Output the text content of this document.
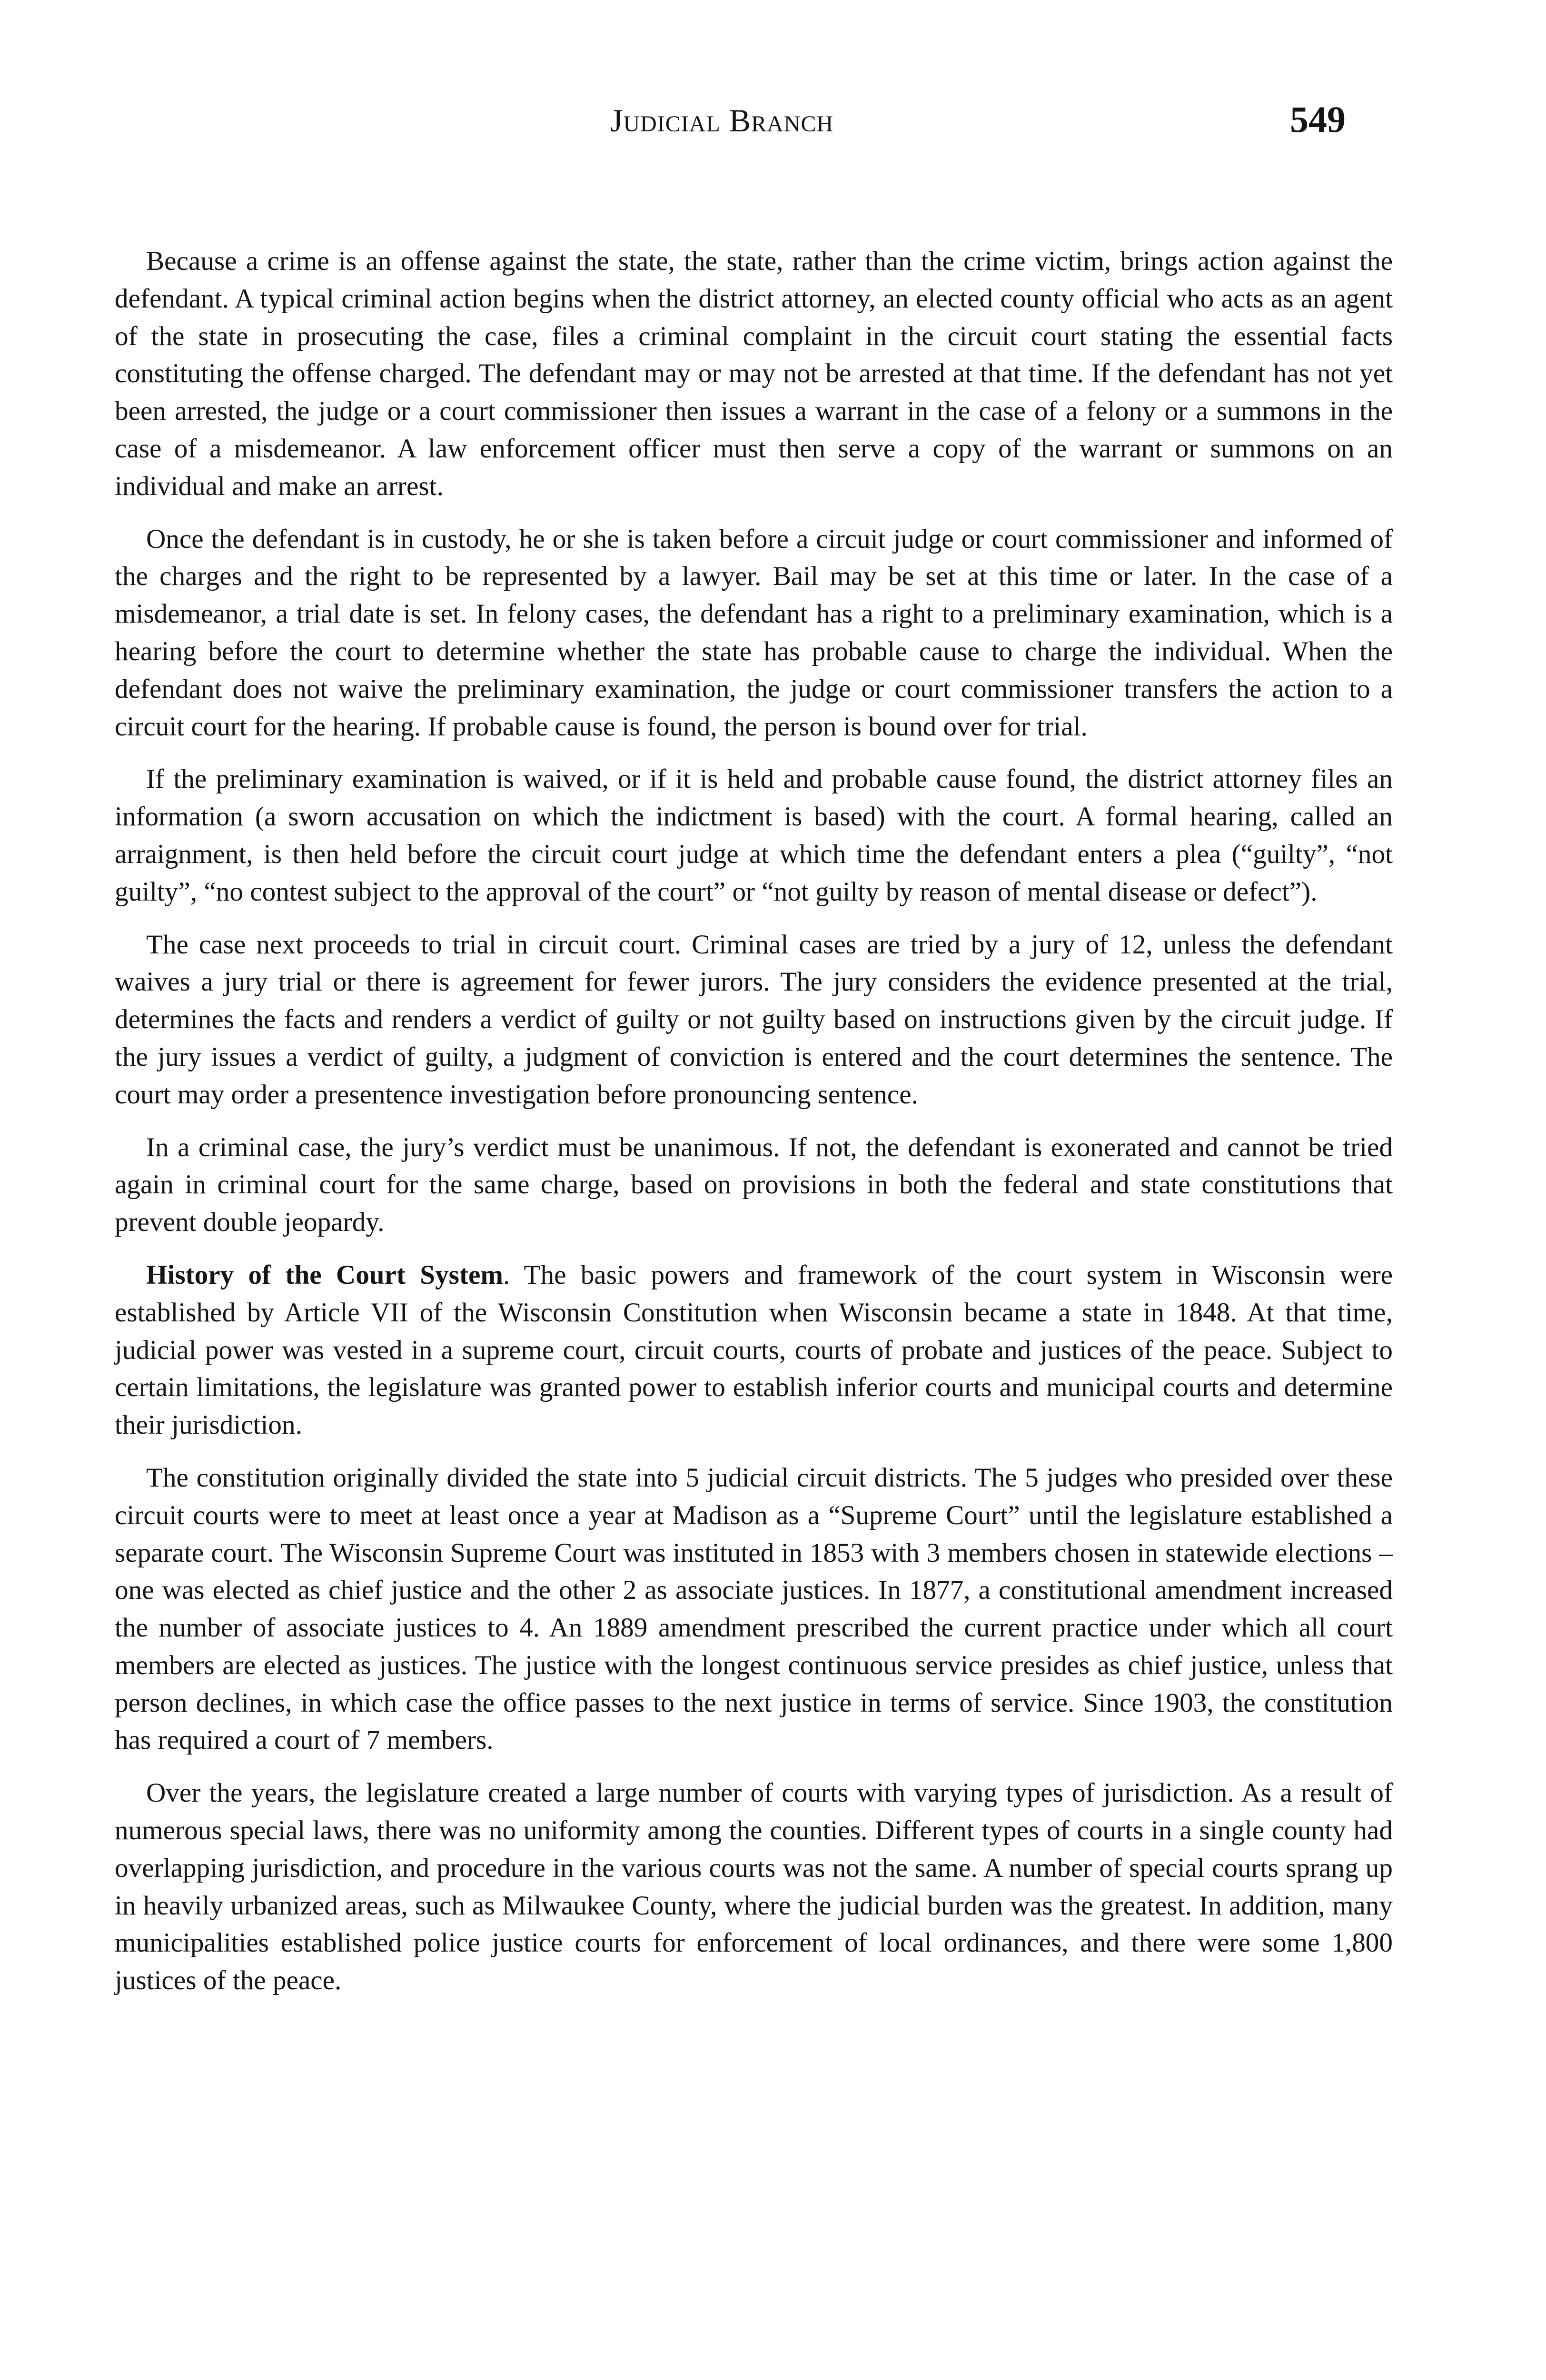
Judicial Branch	549

Because a crime is an offense against the state, the state, rather than the crime victim, brings action against the defendant. A typical criminal action begins when the district attorney, an elected county official who acts as an agent of the state in prosecuting the case, files a criminal complaint in the circuit court stating the essential facts constituting the offense charged. The defendant may or may not be arrested at that time. If the defendant has not yet been arrested, the judge or a court commissioner then issues a warrant in the case of a felony or a summons in the case of a misdemeanor. A law enforcement officer must then serve a copy of the warrant or summons on an individual and make an arrest.

Once the defendant is in custody, he or she is taken before a circuit judge or court commissioner and informed of the charges and the right to be represented by a lawyer. Bail may be set at this time or later. In the case of a misdemeanor, a trial date is set. In felony cases, the defendant has a right to a preliminary examination, which is a hearing before the court to determine whether the state has probable cause to charge the individual. When the defendant does not waive the preliminary examination, the judge or court commissioner transfers the action to a circuit court for the hearing. If probable cause is found, the person is bound over for trial.

If the preliminary examination is waived, or if it is held and probable cause found, the district attorney files an information (a sworn accusation on which the indictment is based) with the court. A formal hearing, called an arraignment, is then held before the circuit court judge at which time the defendant enters a plea (“guilty”, “not guilty”, “no contest subject to the approval of the court” or “not guilty by reason of mental disease or defect”).

The case next proceeds to trial in circuit court. Criminal cases are tried by a jury of 12, unless the defendant waives a jury trial or there is agreement for fewer jurors. The jury considers the evidence presented at the trial, determines the facts and renders a verdict of guilty or not guilty based on instructions given by the circuit judge. If the jury issues a verdict of guilty, a judgment of conviction is entered and the court determines the sentence. The court may order a presentence investigation before pronouncing sentence.

In a criminal case, the jury’s verdict must be unanimous. If not, the defendant is exonerated and cannot be tried again in criminal court for the same charge, based on provisions in both the federal and state constitutions that prevent double jeopardy.

History of the Court System. The basic powers and framework of the court system in Wisconsin were established by Article VII of the Wisconsin Constitution when Wisconsin became a state in 1848. At that time, judicial power was vested in a supreme court, circuit courts, courts of probate and justices of the peace. Subject to certain limitations, the legislature was granted power to establish inferior courts and municipal courts and determine their jurisdiction.

The constitution originally divided the state into 5 judicial circuit districts. The 5 judges who presided over these circuit courts were to meet at least once a year at Madison as a “Supreme Court” until the legislature established a separate court. The Wisconsin Supreme Court was instituted in 1853 with 3 members chosen in statewide elections – one was elected as chief justice and the other 2 as associate justices. In 1877, a constitutional amendment increased the number of associate justices to 4. An 1889 amendment prescribed the current practice under which all court members are elected as justices. The justice with the longest continuous service presides as chief justice, unless that person declines, in which case the office passes to the next justice in terms of service. Since 1903, the constitution has required a court of 7 members.

Over the years, the legislature created a large number of courts with varying types of jurisdiction. As a result of numerous special laws, there was no uniformity among the counties. Different types of courts in a single county had overlapping jurisdiction, and procedure in the various courts was not the same. A number of special courts sprang up in heavily urbanized areas, such as Milwaukee County, where the judicial burden was the greatest. In addition, many municipalities established police justice courts for enforcement of local ordinances, and there were some 1,800 justices of the peace.
